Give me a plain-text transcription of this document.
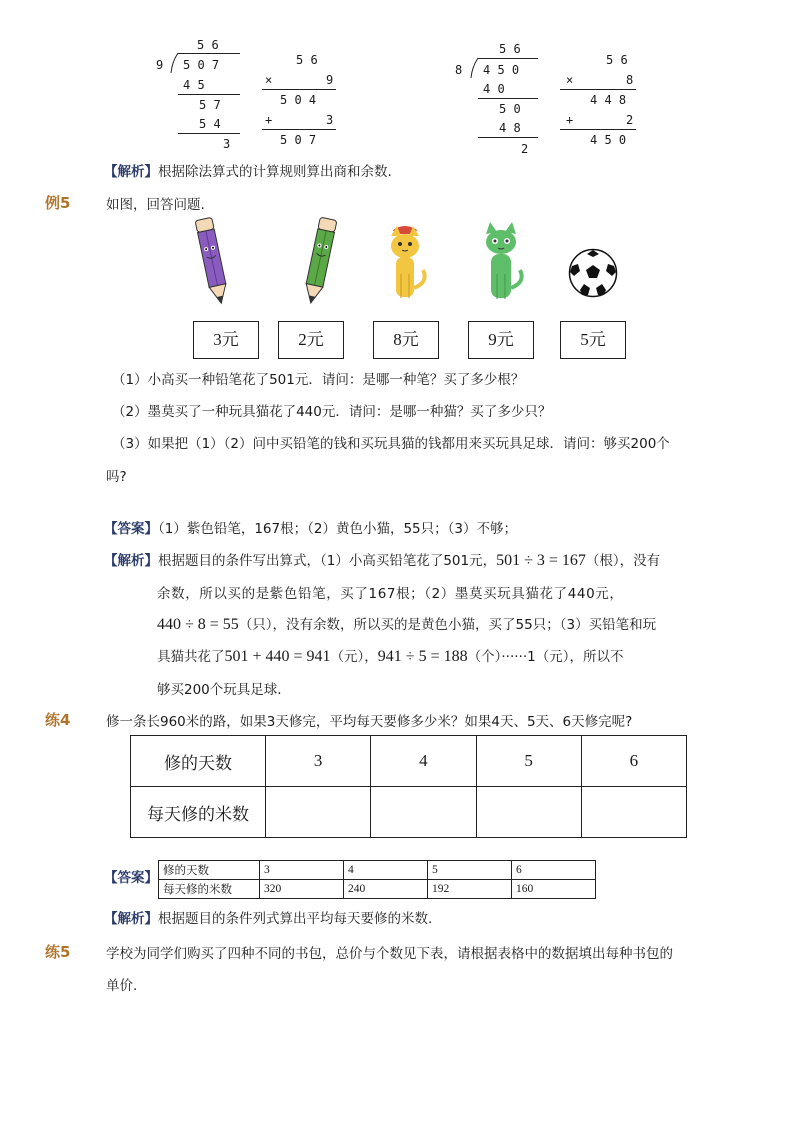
5 6
9 5 0 7
4 5
5 7
5 4
3
5 6
×	9
5 0 4
+	3
5 0 7
5 6
8 4 5 0
4 0
5 0
4 8
2
5 6
×	8
4 4 8
+	2
4 5 0
【解析】根据除法算式的计算规则算出商和余数.
例5	如图，回答问题.
3元	2元	8元	9元	5元
（1）小高买一种铅笔花了501元．请问：是哪一种笔？买了多少根？
（2）墨莫买了一种玩具猫花了440元．请问：是哪一种猫？买了多少只？
（3）如果把（1）（2）问中买铅笔的钱和买玩具猫的钱都用来买玩具足球．请问：够买200个
吗?
【答案】（1）紫色铅笔，167根；（2）黄色小猫，55只；（3）不够；
【解析】根据题目的条件写出算式，（1）小高买铅笔花了501元，501 ÷ 3 = 167（根），没有
余数，所以买的是紫色铅笔，买了167根；（2）墨莫买玩具猫花了440元，
440 ÷ 8 = 55（只），没有余数，所以买的是黄色小猫，买了55只；（3）买铅笔和玩
具猫共花了501 + 440 = 941（元），941 ÷ 5 = 188（个）······1（元），所以不
够买200个玩具足球.
练4	修一条长960米的路，如果3天修完，平均每天要修多少米？如果4天、5天、6天修完呢?
修的天数	3	4	5	6
每天修的米数				
【答案】 修的天数	3	4	5	6
每天修的米数	320	240	192	160
【解析】根据题目的条件列式算出平均每天要修的米数.
练5	学校为同学们购买了四种不同的书包，总价与个数见下表，请根据表格中的数据填出每种书包的
单价.
